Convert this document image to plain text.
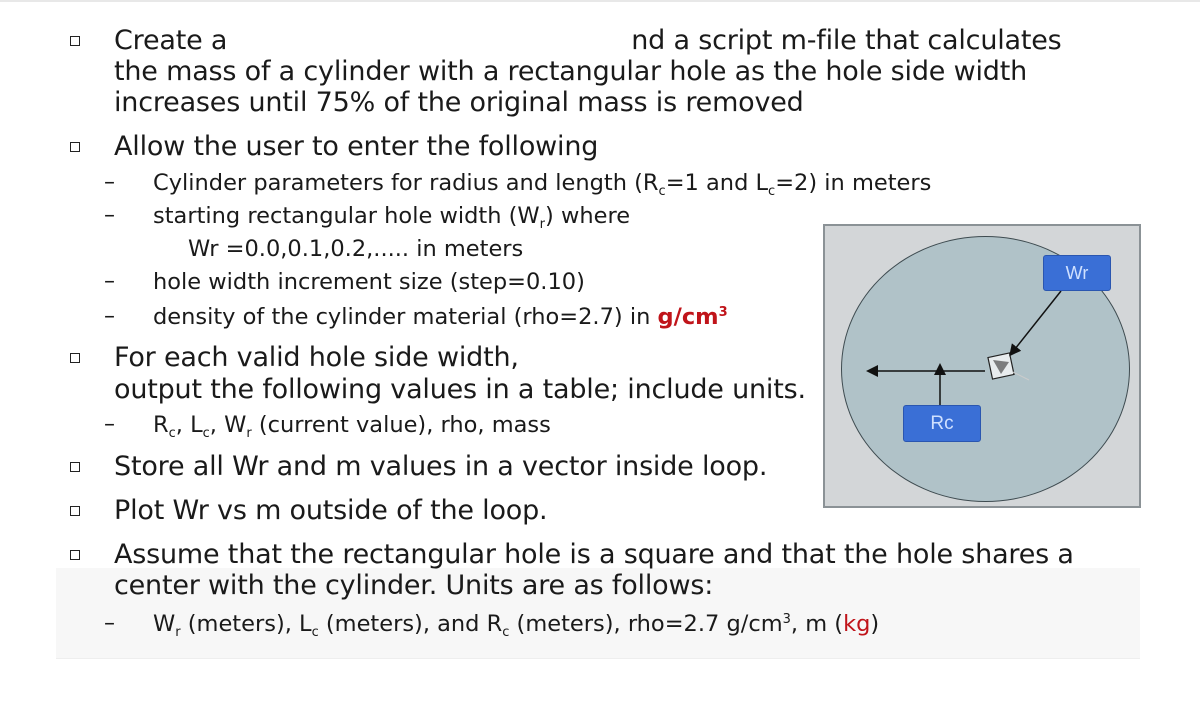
Create a	nd a script m-file that calculates
the mass of a cylinder with a rectangular hole as the hole side width
increases until 75% of the original mass is removed
Allow the user to enter the following
– Cylinder parameters for radius and length ($R_c=1$ and $L_c=2$) in meters
– starting rectangular hole width $(W_r)$ where
Wr =0.0,0.1,0.2,..... in meters
– hole width increment size (step=0.10)
– density of the cylinder material (rho=2.7) in $g/cm^3$
For each valid hole side width,
output the following values in a table; include units.
– $R_c$, $L_c$, $W_r$ (current value), rho, mass
Store all Wr and m values in a vector inside loop.
Plot Wr vs m outside of the loop.
Assume that the rectangular hole is a square and that the hole shares a
center with the cylinder. Units are as follows:
– $W_r$ (meters), $L_c$ (meters), and $R_c$ (meters), rho=2.7 $g/cm^3$, m (kg)
Wr
Rc
